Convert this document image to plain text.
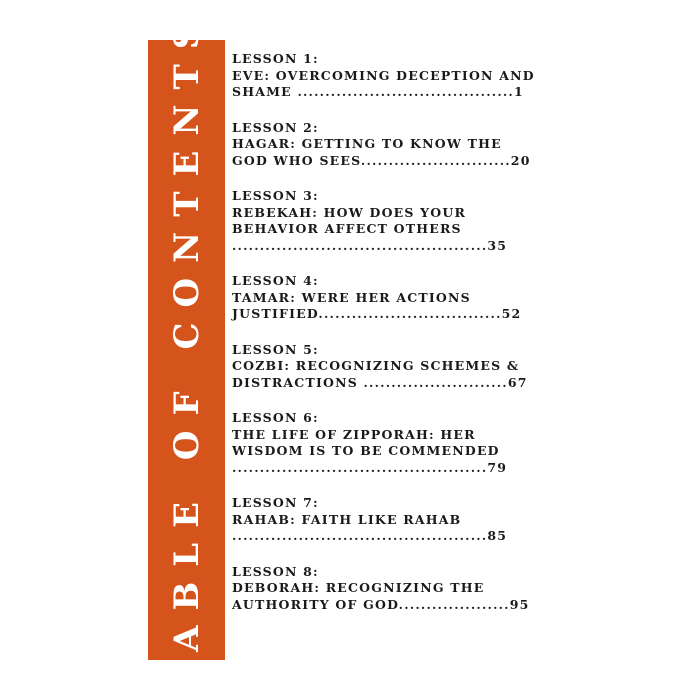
TABLE OF CONTENTS LESSON 1:
EVE: OVERCOMING DECEPTION AND
SHAME .......................................1
LESSON 2:
HAGAR: GETTING TO KNOW THE
GOD WHO SEES...........................20
LESSON 3:
REBEKAH: HOW DOES YOUR
BEHAVIOR AFFECT OTHERS
..............................................35
LESSON 4:
TAMAR: WERE HER ACTIONS
JUSTIFIED.................................52
LESSON 5:
COZBI: RECOGNIZING SCHEMES &
DISTRACTIONS ..........................67
LESSON 6:
THE LIFE OF ZIPPORAH: HER
WISDOM IS TO BE COMMENDED
..............................................79
LESSON 7:
RAHAB: FAITH LIKE RAHAB
..............................................85
LESSON 8:
DEBORAH: RECOGNIZING THE
AUTHORITY OF GOD....................95
